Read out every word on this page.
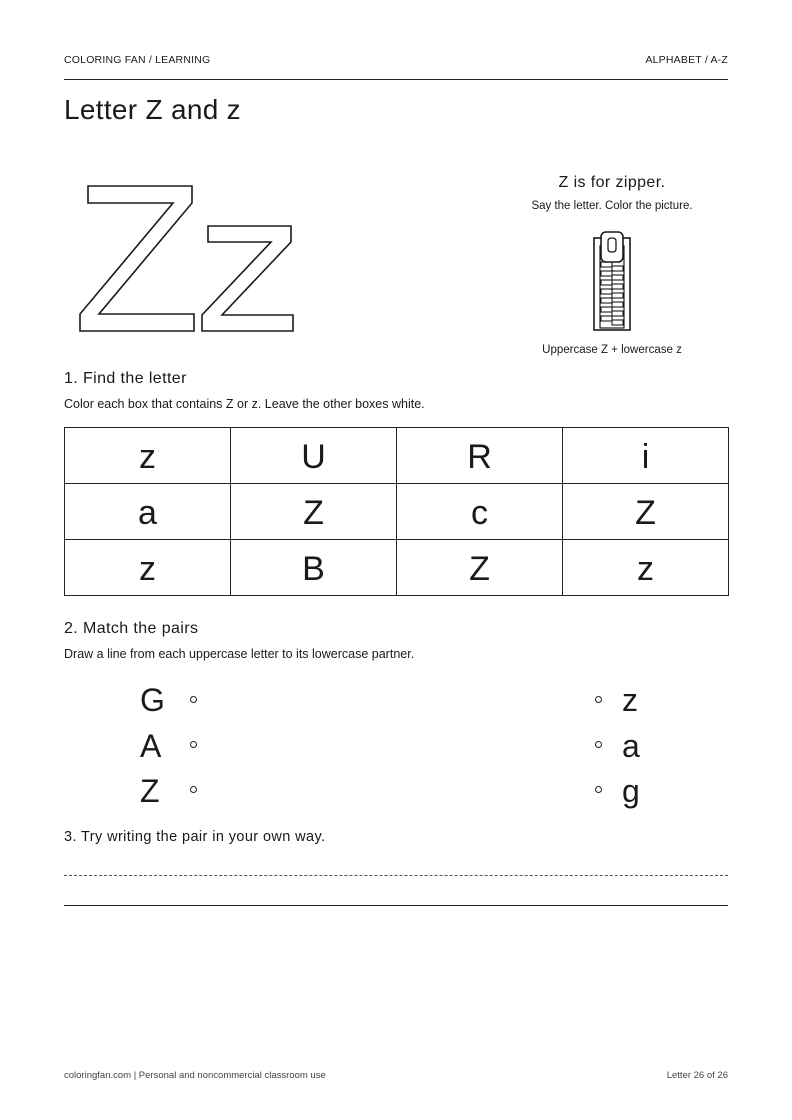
COLORING FAN / LEARNING	ALPHABET / A-Z
Letter Z and z
Z is for zipper.
Say the letter. Color the picture.
Uppercase Z + lowercase z
1. Find the letter
Color each box that contains Z or z. Leave the other boxes white.
z	U	R	i
a	Z	c	Z
z	B	Z	z
2. Match the pairs
Draw a line from each uppercase letter to its lowercase partner.
G	z
A	a
Z	g
3. Try writing the pair in your own way.
coloringfan.com | Personal and noncommercial classroom use	Letter 26 of 26
